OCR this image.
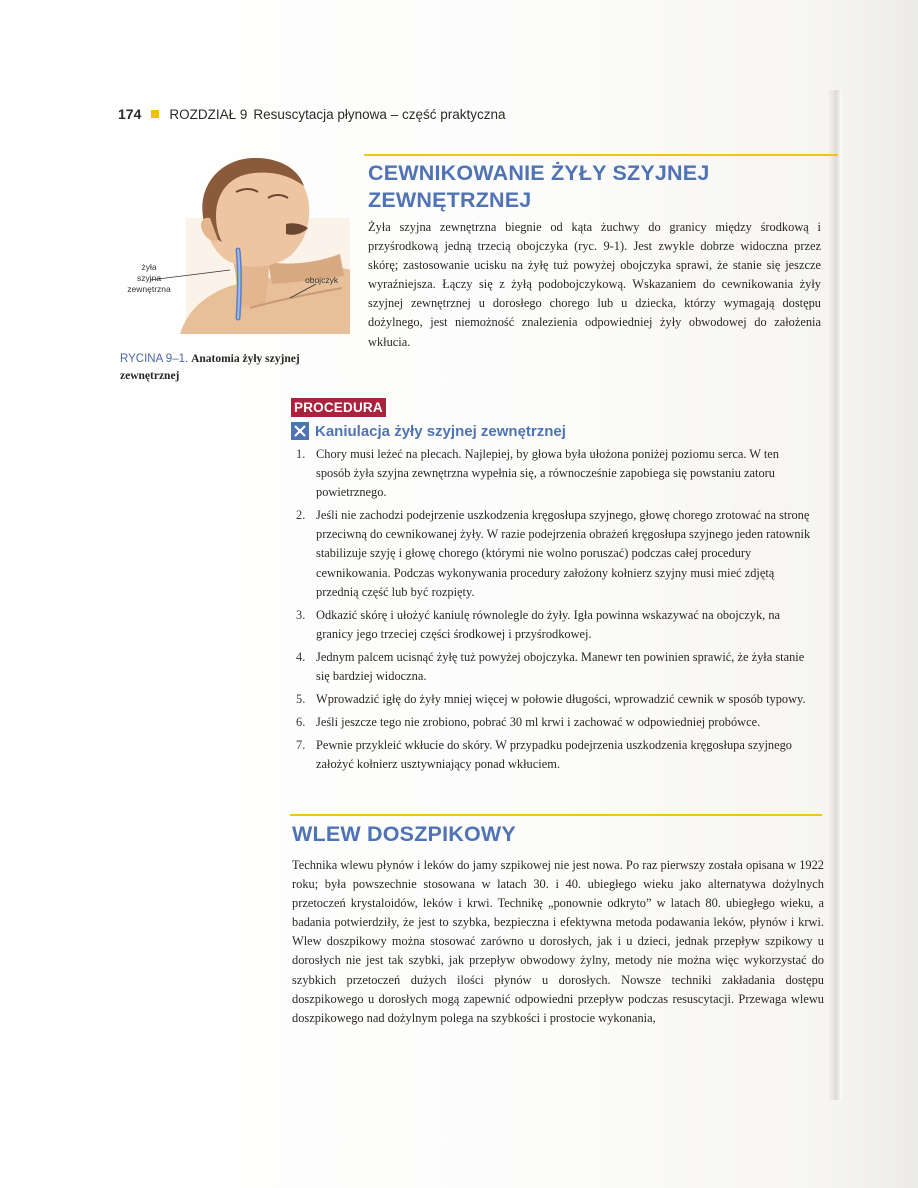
174 ROZDZIAŁ 9 Resuscytacja płynowa – część praktyczna
żyła
szyjna
zewnętrzna
obojczyk
RYCINA 9–1. Anatomia żyły szyjnej zewnętrznej
CEWNIKOWANIE ŻYŁY SZYJNEJ
ZEWNĘTRZNEJ
Żyła szyjna zewnętrzna biegnie od kąta żuchwy do granicy między środkową i przyśrodkową jedną trzecią obojczyka (ryc. 9-1). Jest zwykle dobrze widoczna przez skórę; zastosowanie ucisku na żyłę tuż powyżej obojczyka sprawi, że stanie się jeszcze wyraźniejsza. Łączy się z żyłą podobojczykową. Wskazaniem do cewnikowania żyły szyjnej zewnętrznej u dorosłego chorego lub u dziecka, którzy wymagają dostępu dożylnego, jest niemożność znalezienia odpowiedniej żyły obwodowej do założenia wkłucia.
PROCEDURA
Kaniulacja żyły szyjnej zewnętrznej
1. Chory musi leżeć na plecach. Najlepiej, by głowa była ułożona poniżej poziomu serca. W ten sposób żyła szyjna zewnętrzna wypełnia się, a równocześnie zapobiega się powstaniu zatoru powietrznego.
2. Jeśli nie zachodzi podejrzenie uszkodzenia kręgosłupa szyjnego, głowę chorego zrotować na stronę przeciwną do cewnikowanej żyły. W razie podejrzenia obrażeń kręgosłupa szyjnego jeden ratownik stabilizuje szyję i głowę chorego (którymi nie wolno poruszać) podczas całej procedury cewnikowania. Podczas wykonywania procedury założony kołnierz szyjny musi mieć zdjętą przednią część lub być rozpięty.
3. Odkazić skórę i ułożyć kaniulę równolegle do żyły. Igła powinna wskazywać na obojczyk, na granicy jego trzeciej części środkowej i przyśrodkowej.
4. Jednym palcem ucisnąć żyłę tuż powyżej obojczyka. Manewr ten powinien sprawić, że żyła stanie się bardziej widoczna.
5. Wprowadzić igłę do żyły mniej więcej w połowie długości, wprowadzić cewnik w sposób typowy.
6. Jeśli jeszcze tego nie zrobiono, pobrać 30 ml krwi i zachować w odpowiedniej probówce.
7. Pewnie przykleić wkłucie do skóry. W przypadku podejrzenia uszkodzenia kręgosłupa szyjnego założyć kołnierz usztywniający ponad wkłuciem.
WLEW DOSZPIKOWY
Technika wlewu płynów i leków do jamy szpikowej nie jest nowa. Po raz pierwszy została opisana w 1922 roku; była powszechnie stosowana w latach 30. i 40. ubiegłego wieku jako alternatywa dożylnych przetoczeń krystaloidów, leków i krwi. Technikę „ponownie odkryto” w latach 80. ubiegłego wieku, a badania potwierdziły, że jest to szybka, bezpieczna i efektywna metoda podawania leków, płynów i krwi. Wlew doszpikowy można stosować zarówno u dorosłych, jak i u dzieci, jednak przepływ szpikowy u dorosłych nie jest tak szybki, jak przepływ obwodowy żylny, metody nie można więc wykorzystać do szybkich przetoczeń dużych ilości płynów u dorosłych. Nowsze techniki zakładania dostępu doszpikowego u dorosłych mogą zapewnić odpowiedni przepływ podczas resuscytacji. Przewaga wlewu doszpikowego nad dożylnym polega na szybkości i prostocie wykonania,
